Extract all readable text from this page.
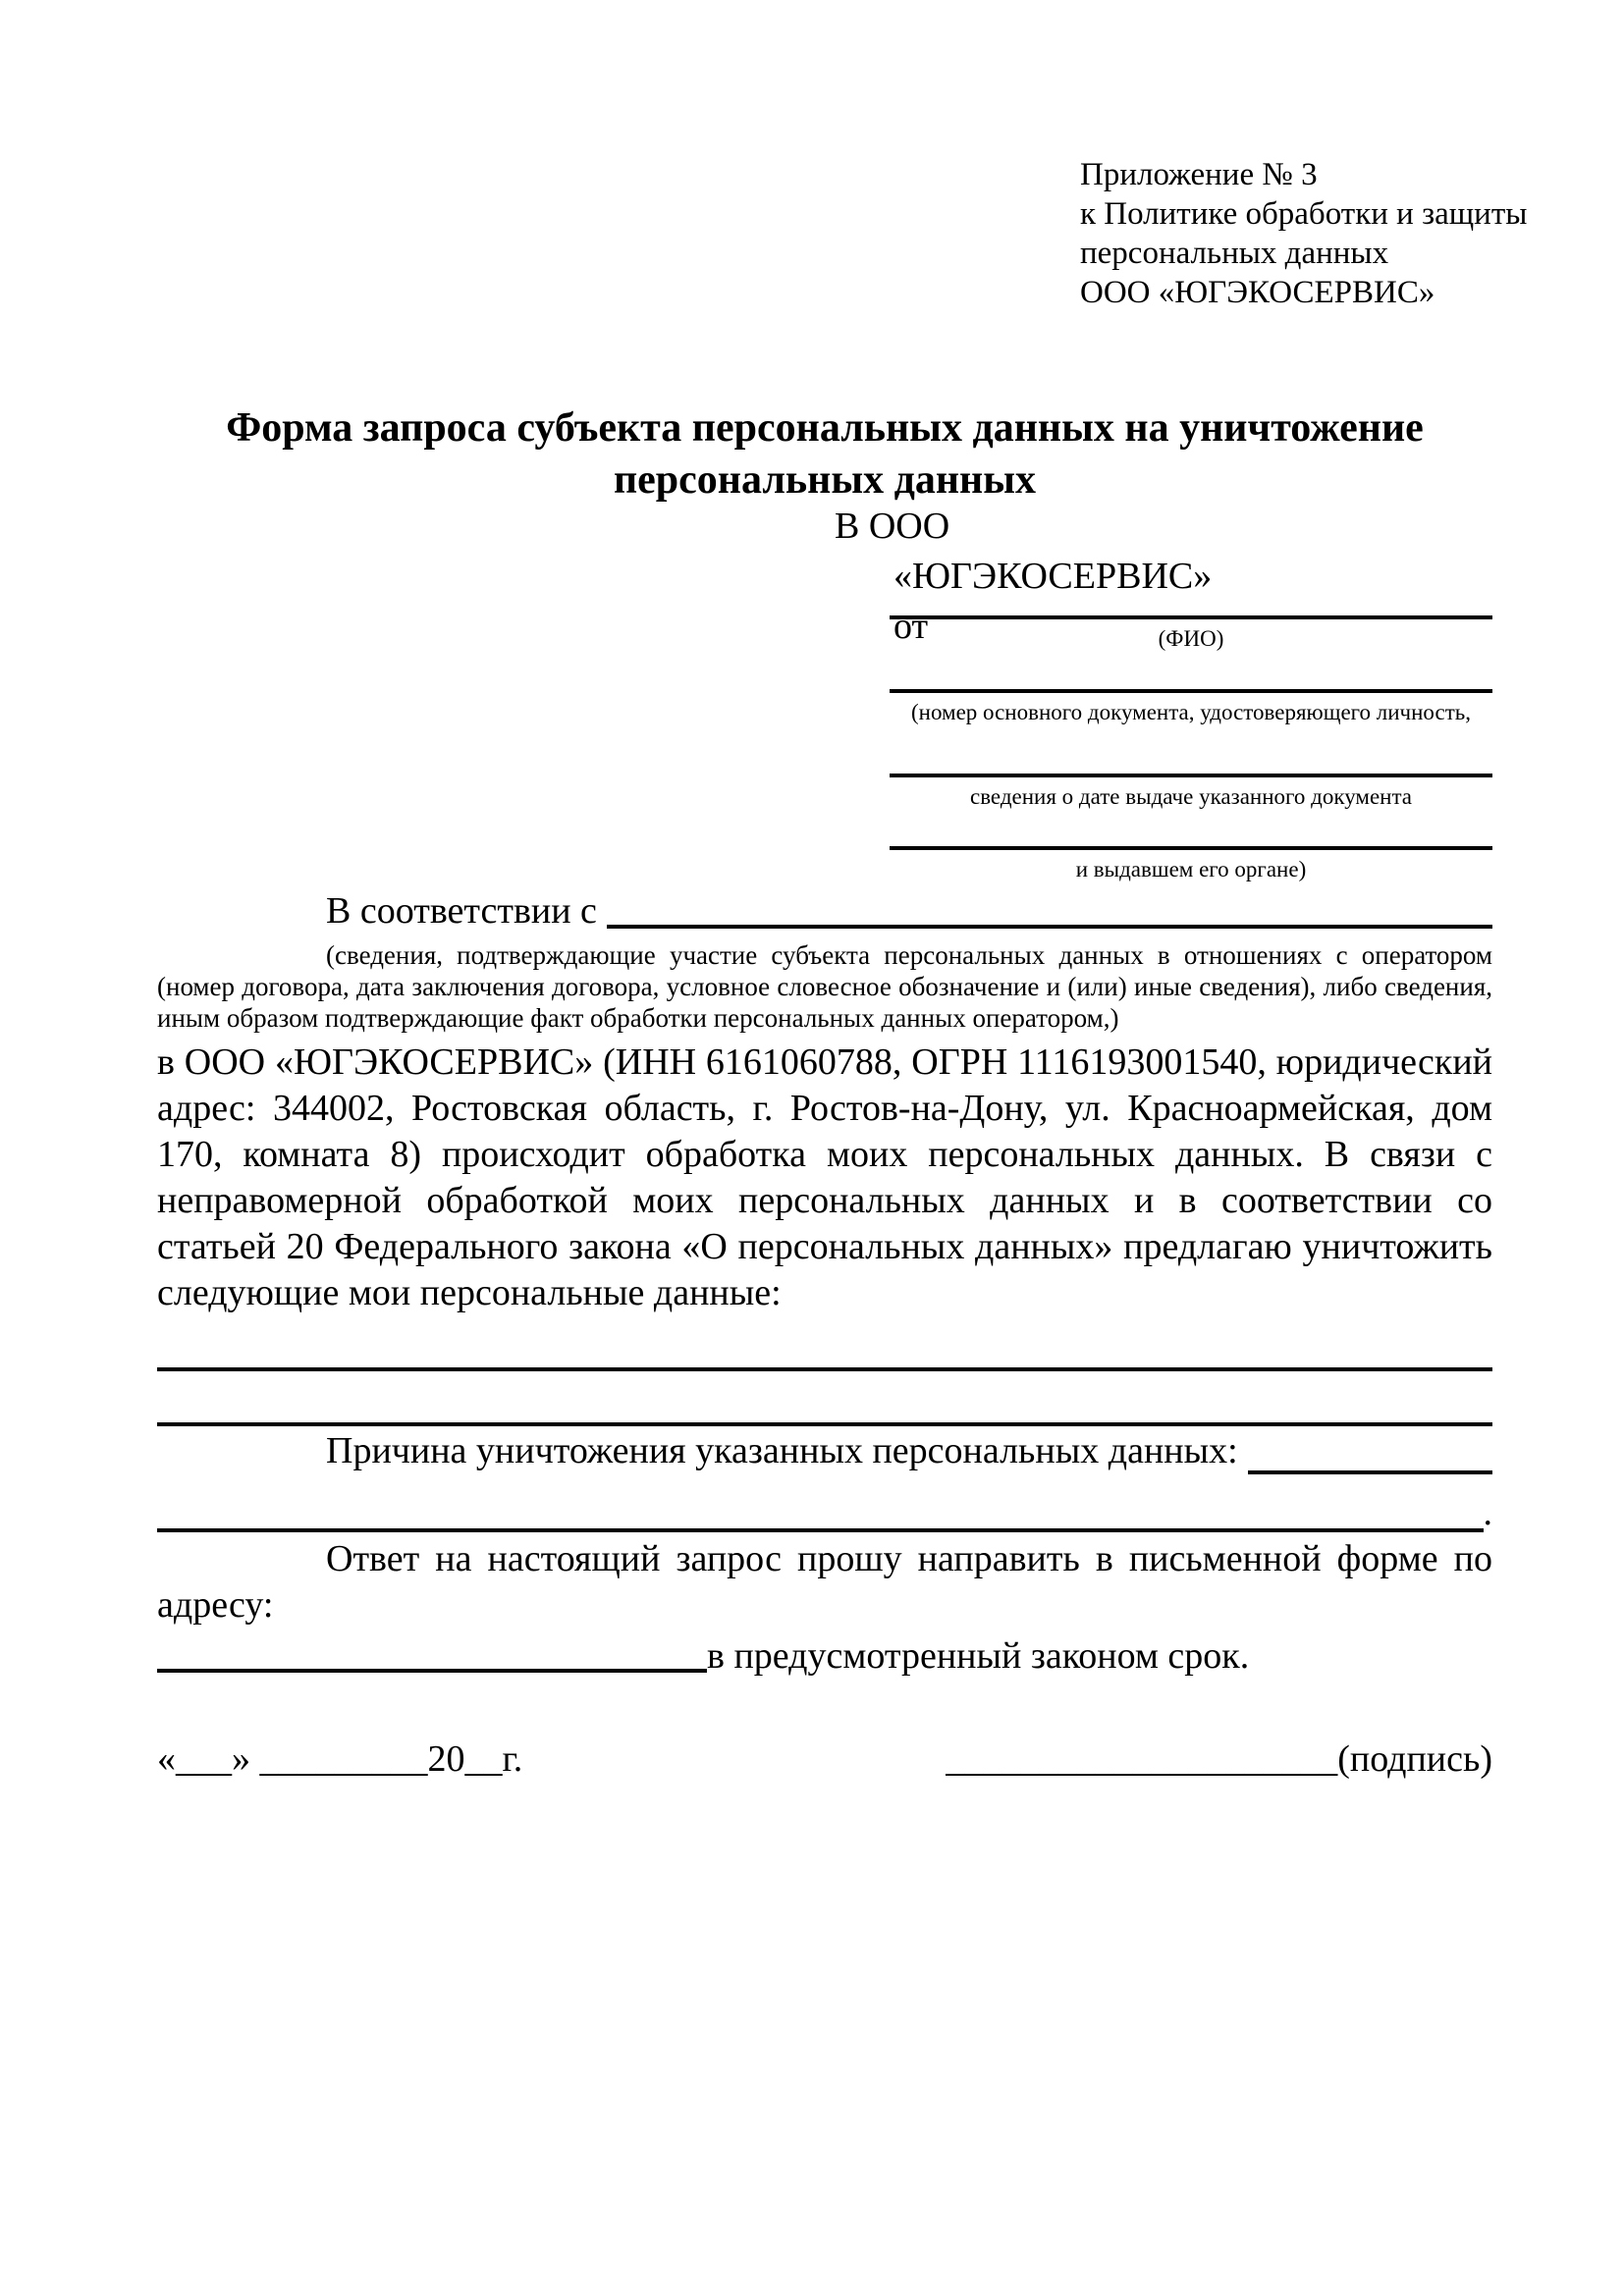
Приложение № 3
к Политике обработки и защиты
персональных данных
ООО «ЮГЭКОСЕРВИС»
Форма запроса субъекта персональных данных на уничтожение
персональных данных
В ООО
«ЮГЭКОСЕРВИС»
от	(ФИО)
(номер основного документа, удостоверяющего личность,
сведения о дате выдаче указанного документа
и выдавшем его органе)
В соответствии с

(сведения, подтверждающие участие субъекта персональных данных в отношениях с оператором (номер договора, дата заключения договора, условное словесное обозначение и (или) иные сведения), либо сведения, иным образом подтверждающие факт обработки персональных данных оператором,)

в ООО «ЮГЭКОСЕРВИС» (ИНН 6161060788, ОГРН 1116193001540, юридический адрес: 344002, Ростовская область, г. Ростов-на-Дону, ул. Красноармейская, дом 170, комната 8) происходит обработка моих персональных данных. В связи с неправомерной обработкой моих персональных данных и в соответствии со статьей 20 Федерального закона «О персональных данных» предлагаю уничтожить следующие мои персональные данные:

Причина уничтожения указанных персональных данных:
.

Ответ на настоящий запрос прошу направить в письменной форме по адресу:

в предусмотренный законом срок.
«___» _________20__г.	_____________________(подпись)
